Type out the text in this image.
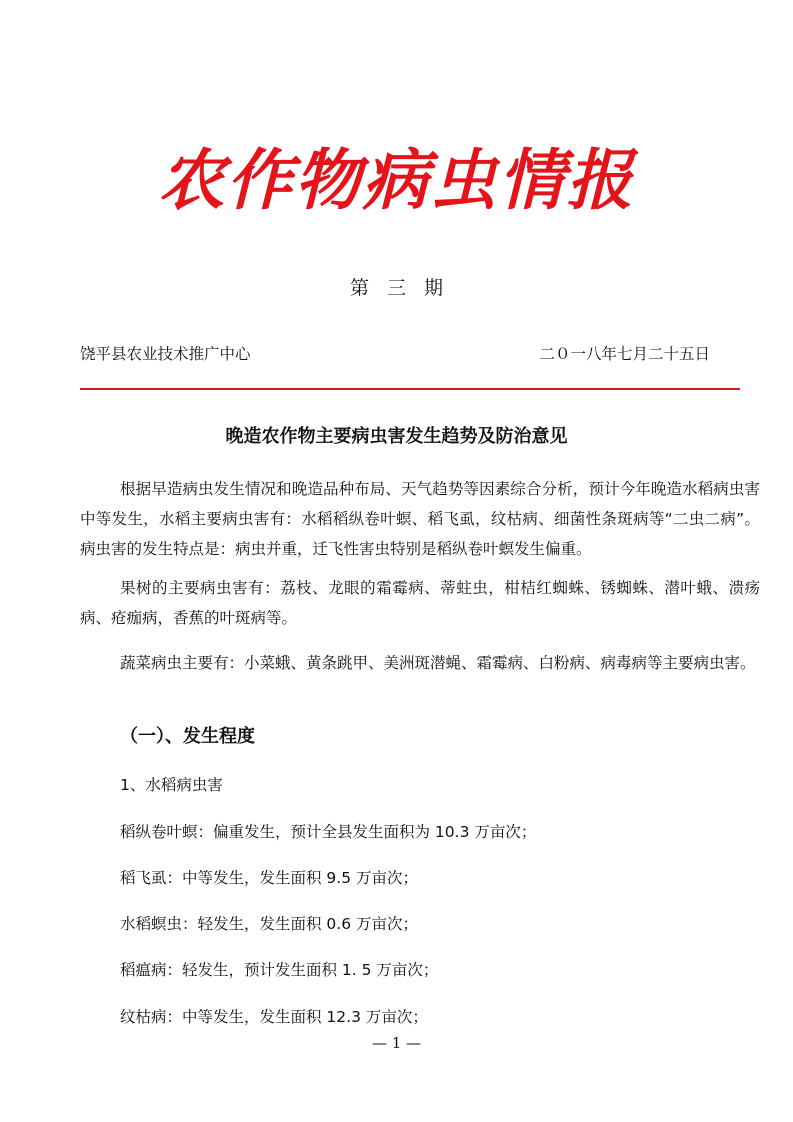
农作物病虫情报
第三期
饶平县农业技术推广中心	二０一八年七月二十五日
晚造农作物主要病虫害发生趋势及防治意见
根据早造病虫发生情况和晚造品种布局、天气趋势等因素综合分析，预计今年晚造水稻病虫害中等发生，水稻主要病虫害有：水稻稻纵卷叶螟、稻飞虱，纹枯病、细菌性条斑病等“二虫二病”。病虫害的发生特点是：病虫并重，迁飞性害虫特别是稻纵卷叶螟发生偏重。
果树的主要病虫害有：荔枝、龙眼的霜霉病、蒂蛀虫，柑桔红蜘蛛、锈蜘蛛、潜叶蛾、溃疡病、疮痂病，香蕉的叶斑病等。
蔬菜病虫主要有：小菜蛾、黄条跳甲、美洲斑潜蝇、霜霉病、白粉病、病毒病等主要病虫害。
（一）、发生程度
1、水稻病虫害
稻纵卷叶螟：偏重发生，预计全县发生面积为 10.3 万亩次；
稻飞虱：中等发生，发生面积 9.5 万亩次；
水稻螟虫：轻发生，发生面积 0.6 万亩次；
稻瘟病：轻发生，预计发生面积 1. 5 万亩次；
纹枯病：中等发生，发生面积 12.3 万亩次；
— 1 —
